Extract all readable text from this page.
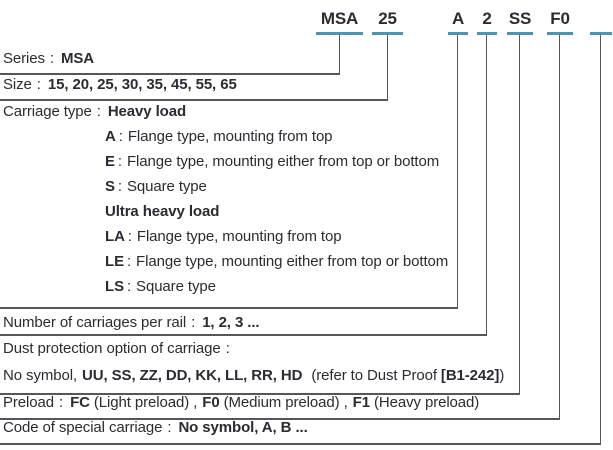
MSA 25	A 2 SS F0
Series : MSA
Size : 15, 20, 25, 30, 35, 45, 55, 65
Carriage type : Heavy load
A : Flange type, mounting from top
E : Flange type, mounting either from top or bottom
S : Square type
Ultra heavy load
LA : Flange type, mounting from top
LE : Flange type, mounting either from top or bottom
LS : Square type
Number of carriages per rail : 1, 2, 3 ...
Dust protection option of carriage :
No symbol, UU, SS, ZZ, DD, KK, LL, RR, HD (refer to Dust Proof [B1-242])
Preload : FC (Light preload) , F0 (Medium preload) , F1 (Heavy preload)
Code of special carriage : No symbol, A, B ...
